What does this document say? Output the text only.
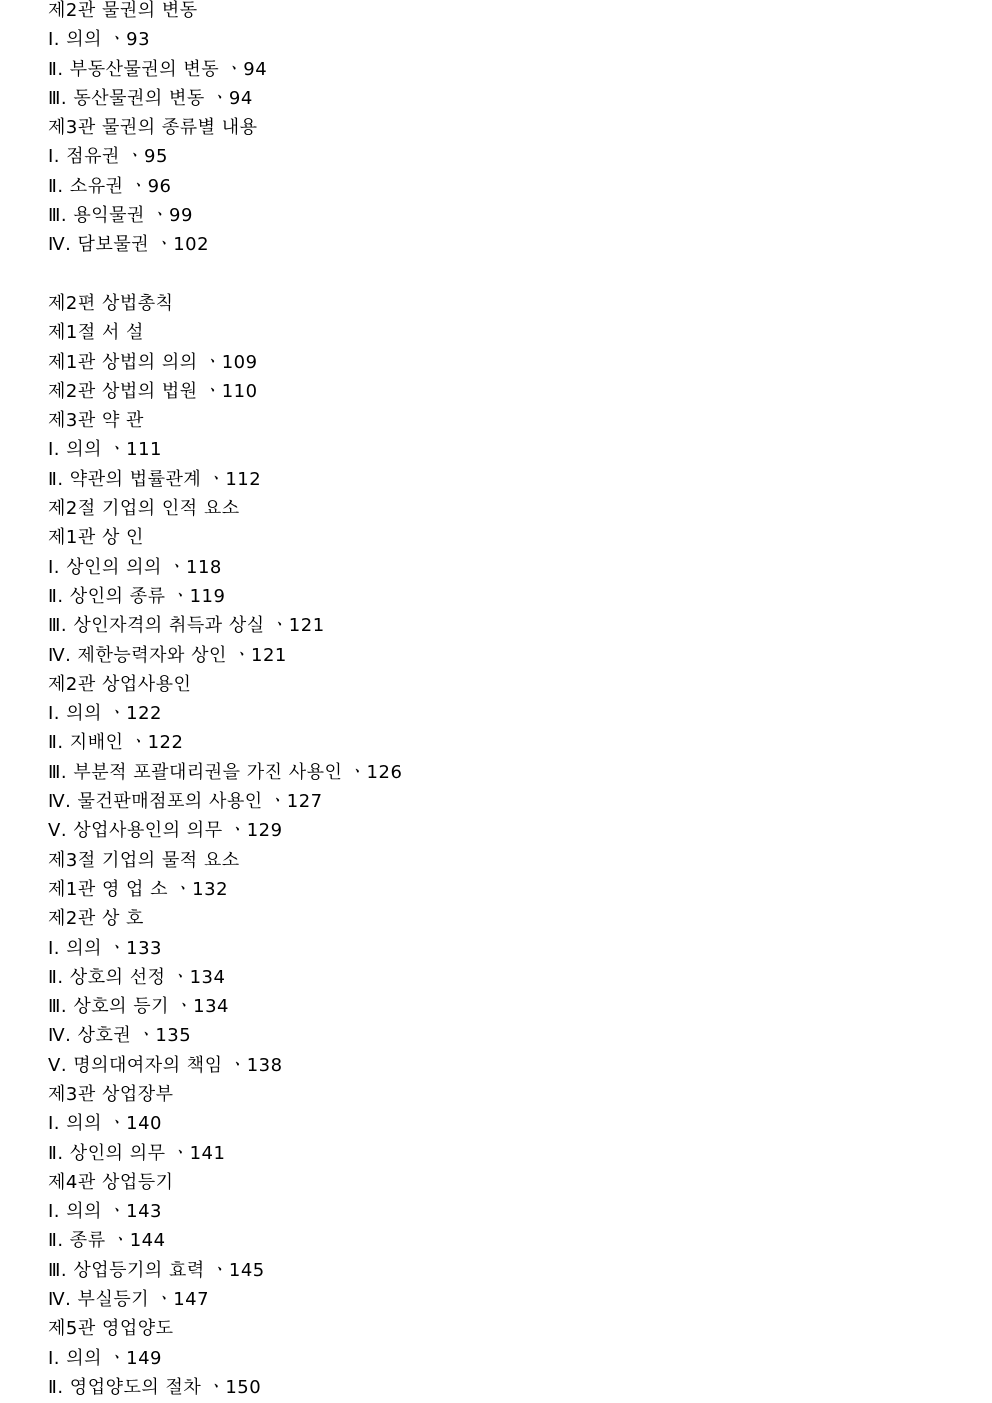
제2관 물권의 변동
Ⅰ. 의의 ㆍ93
Ⅱ. 부동산물권의 변동 ㆍ94
Ⅲ. 동산물권의 변동 ㆍ94
제3관 물권의 종류별 내용
Ⅰ. 점유권 ㆍ95
Ⅱ. 소유권 ㆍ96
Ⅲ. 용익물권 ㆍ99
Ⅳ. 담보물권 ㆍ102
제2편 상법총칙
제1절 서 설
제1관 상법의 의의 ㆍ109
제2관 상법의 법원 ㆍ110
제3관 약 관
Ⅰ. 의의 ㆍ111
Ⅱ. 약관의 법률관계 ㆍ112
제2절 기업의 인적 요소
제1관 상 인
Ⅰ. 상인의 의의 ㆍ118
Ⅱ. 상인의 종류 ㆍ119
Ⅲ. 상인자격의 취득과 상실 ㆍ121
Ⅳ. 제한능력자와 상인 ㆍ121
제2관 상업사용인
Ⅰ. 의의 ㆍ122
Ⅱ. 지배인 ㆍ122
Ⅲ. 부분적 포괄대리권을 가진 사용인 ㆍ126
Ⅳ. 물건판매점포의 사용인 ㆍ127
Ⅴ. 상업사용인의 의무 ㆍ129
제3절 기업의 물적 요소
제1관 영 업 소 ㆍ132
제2관 상 호
Ⅰ. 의의 ㆍ133
Ⅱ. 상호의 선정 ㆍ134
Ⅲ. 상호의 등기 ㆍ134
Ⅳ. 상호권 ㆍ135
Ⅴ. 명의대여자의 책임 ㆍ138
제3관 상업장부
Ⅰ. 의의 ㆍ140
Ⅱ. 상인의 의무 ㆍ141
제4관 상업등기
Ⅰ. 의의 ㆍ143
Ⅱ. 종류 ㆍ144
Ⅲ. 상업등기의 효력 ㆍ145
Ⅳ. 부실등기 ㆍ147
제5관 영업양도
Ⅰ. 의의 ㆍ149
Ⅱ. 영업양도의 절차 ㆍ150
